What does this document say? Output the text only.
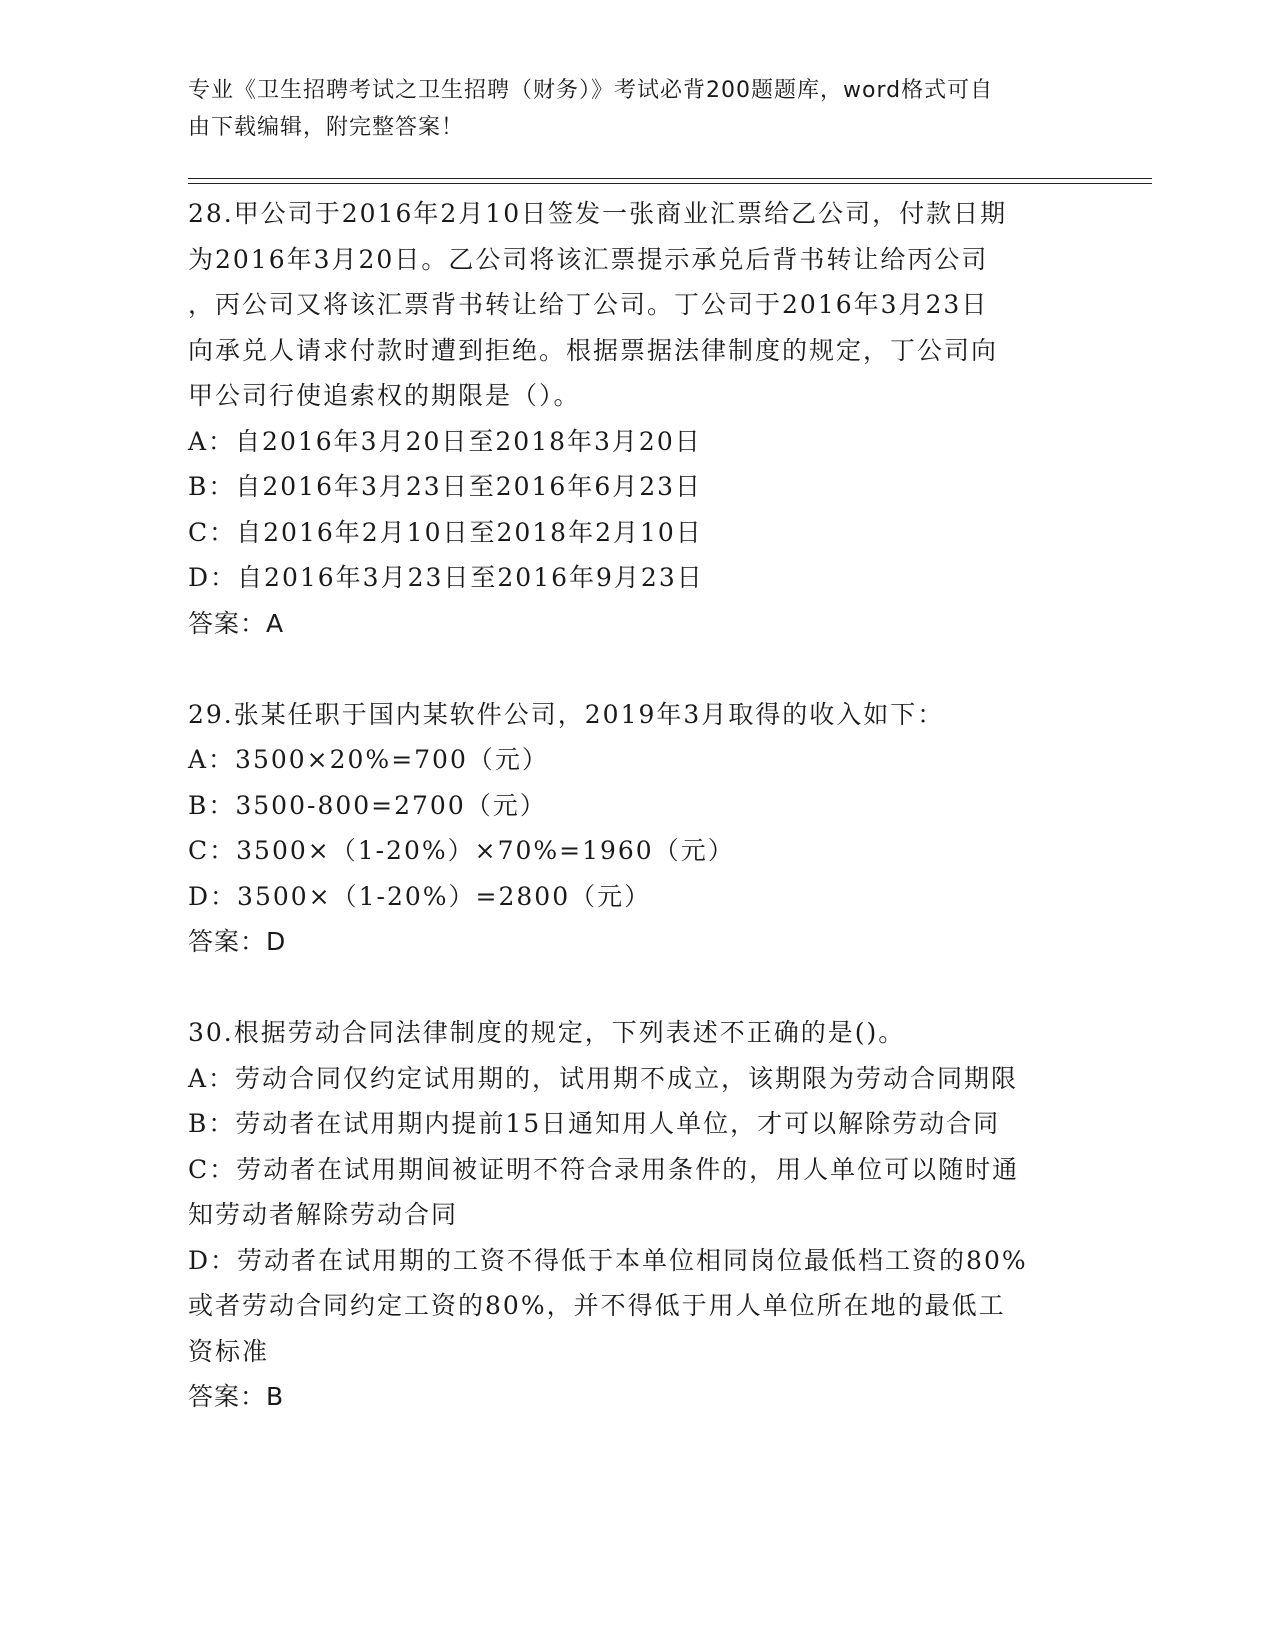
专业《卫生招聘考试之卫生招聘（财务）》考试必背200题题库，word格式可自
由下载编辑，附完整答案！
28.甲公司于2016年2月10日签发一张商业汇票给乙公司，付款日期
为2016年3月20日。乙公司将该汇票提示承兑后背书转让给丙公司
，丙公司又将该汇票背书转让给丁公司。丁公司于2016年3月23日
向承兑人请求付款时遭到拒绝。根据票据法律制度的规定，丁公司向
甲公司行使追索权的期限是（）。
A：自2016年3月20日至2018年3月20日
B：自2016年3月23日至2016年6月23日
C：自2016年2月10日至2018年2月10日
D：自2016年3月23日至2016年9月23日
答案：A
29.张某任职于国内某软件公司，2019年3月取得的收入如下：
A：3500×20%=700（元）
B：3500-800=2700（元）
C：3500×（1-20%）×70%=1960（元）
D：3500×（1-20%）=2800（元）
答案：D
30.根据劳动合同法律制度的规定，下列表述不正确的是()。
A：劳动合同仅约定试用期的，试用期不成立，该期限为劳动合同期限
B：劳动者在试用期内提前15日通知用人单位，才可以解除劳动合同
C：劳动者在试用期间被证明不符合录用条件的，用人单位可以随时通
知劳动者解除劳动合同
D：劳动者在试用期的工资不得低于本单位相同岗位最低档工资的80%
或者劳动合同约定工资的80%，并不得低于用人单位所在地的最低工
资标准
答案：B
